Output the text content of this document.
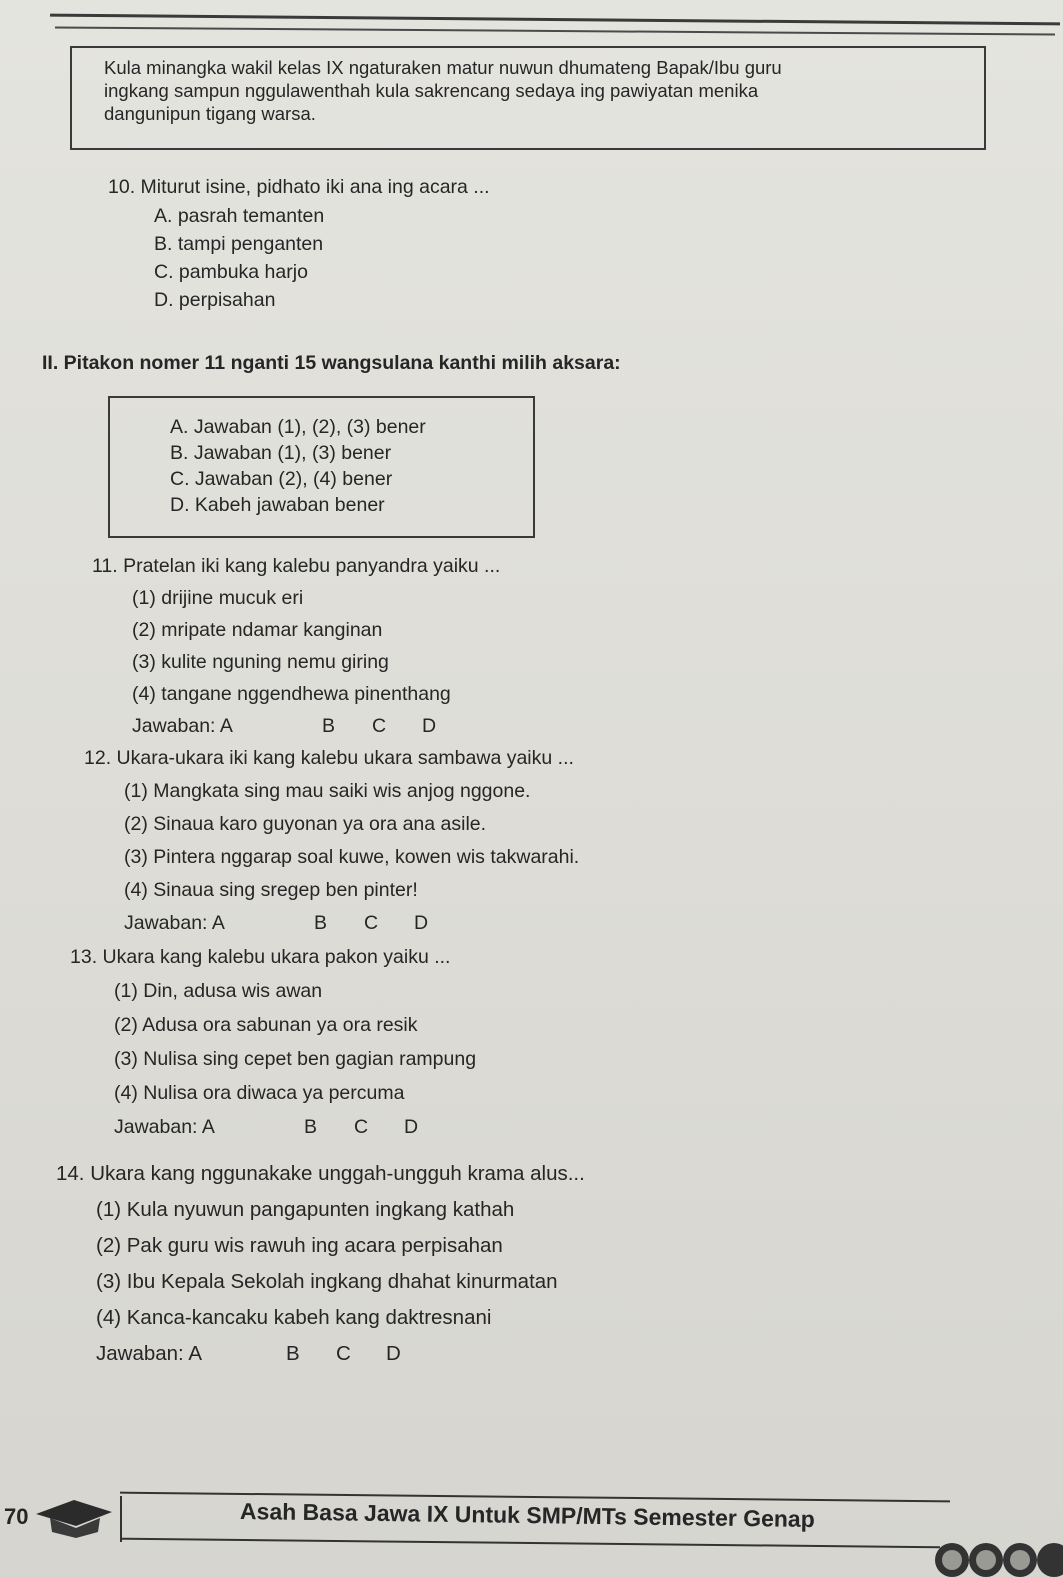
Kula minangka wakil kelas IX ngaturaken matur nuwun dhumateng Bapak/Ibu guru

ingkang sampun nggulawenthah kula sakrencang sedaya ing pawiyatan menika

dangunipun tigang warsa.

10. Miturut isine, pidhato iki ana ing acara ...
A. pasrah temanten
B. tampi penganten
C. pambuka harjo
D. perpisahan
II. Pitakon nomer 11 nganti 15 wangsulana kanthi milih aksara:
A. Jawaban (1), (2), (3) bener
B. Jawaban (1), (3) bener
C. Jawaban (2), (4) bener
D. Kabeh jawaban bener
11. Pratelan iki kang kalebu panyandra yaiku ...
(1) drijine mucuk eri
(2) mripate ndamar kanginan
(3) kulite nguning nemu giring
(4) tangane nggendhewa pinenthang
Jawaban: A	B	C	D
12. Ukara-ukara iki kang kalebu ukara sambawa yaiku ...
(1) Mangkata sing mau saiki wis anjog nggone.
(2) Sinaua karo guyonan ya ora ana asile.
(3) Pintera nggarap soal kuwe, kowen wis takwarahi.
(4) Sinaua sing sregep ben pinter!
Jawaban: A	B	C	D
13. Ukara kang kalebu ukara pakon yaiku ...
(1) Din, adusa wis awan
(2) Adusa ora sabunan ya ora resik
(3) Nulisa sing cepet ben gagian rampung
(4) Nulisa ora diwaca ya percuma
Jawaban: A	B	C	D
14. Ukara kang nggunakake unggah-ungguh krama alus...
(1) Kula nyuwun pangapunten ingkang kathah
(2) Pak guru wis rawuh ing acara perpisahan
(3) Ibu Kepala Sekolah ingkang dhahat kinurmatan
(4) Kanca-kancaku kabeh kang daktresnani
Jawaban: A	B	C	D
70	Asah Basa Jawa IX Untuk SMP/MTs Semester Genap
